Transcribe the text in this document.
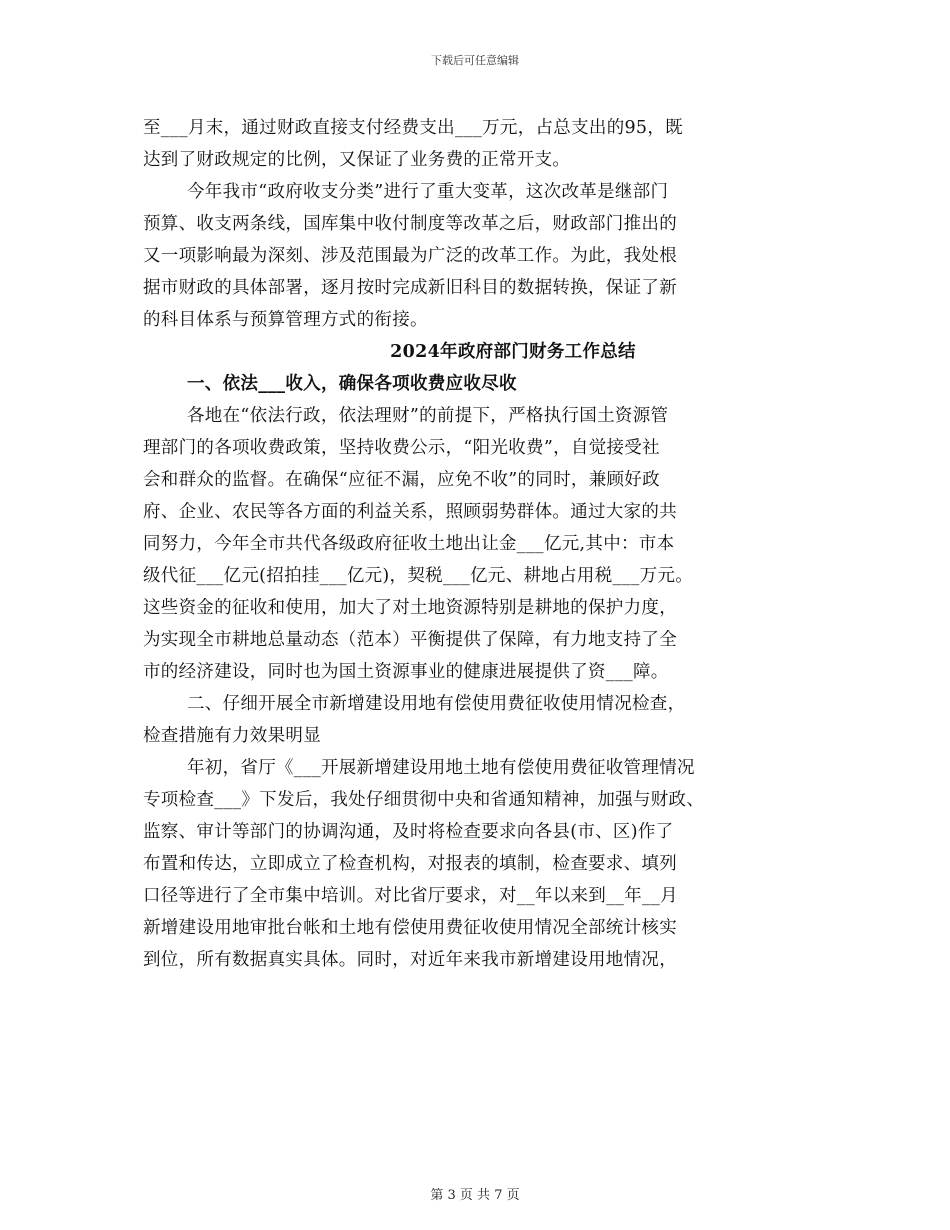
下载后可任意编辑
至___月末，通过财政直接支付经费支出___万元，占总支出的95，既
达到了财政规定的比例，又保证了业务费的正常开支。
今年我市“政府收支分类”进行了重大变革，这次改革是继部门
预算、收支两条线，国库集中收付制度等改革之后，财政部门推出的
又一项影响最为深刻、涉及范围最为广泛的改革工作。为此，我处根
据市财政的具体部署，逐月按时完成新旧科目的数据转换，保证了新
的科目体系与预算管理方式的衔接。
2024年政府部门财务工作总结
一、依法___收入，确保各项收费应收尽收
各地在“依法行政，依法理财”的前提下，严格执行国土资源管
理部门的各项收费政策，坚持收费公示，“阳光收费”，自觉接受社
会和群众的监督。在确保“应征不漏，应免不收”的同时，兼顾好政
府、企业、农民等各方面的利益关系，照顾弱势群体。通过大家的共
同努力，今年全市共代各级政府征收土地出让金___亿元,其中：市本
级代征___亿元(招拍挂___亿元)，契税___亿元、耕地占用税___万元。
这些资金的征收和使用，加大了对土地资源特别是耕地的保护力度，
为实现全市耕地总量动态（范本）平衡提供了保障，有力地支持了全
市的经济建设，同时也为国土资源事业的健康进展提供了资___障。
二、仔细开展全市新增建设用地有偿使用费征收使用情况检查，
检查措施有力效果明显
年初，省厅《___开展新增建设用地土地有偿使用费征收管理情况
专项检查___》下发后，我处仔细贯彻中央和省通知精神，加强与财政、
监察、审计等部门的协调沟通，及时将检查要求向各县(市、区)作了
布置和传达，立即成立了检查机构，对报表的填制，检查要求、填列
口径等进行了全市集中培训。对比省厅要求，对__年以来到__年__月
新增建设用地审批台帐和土地有偿使用费征收使用情况全部统计核实
到位，所有数据真实具体。同时，对近年来我市新增建设用地情况，
第 3 页 共 7 页
